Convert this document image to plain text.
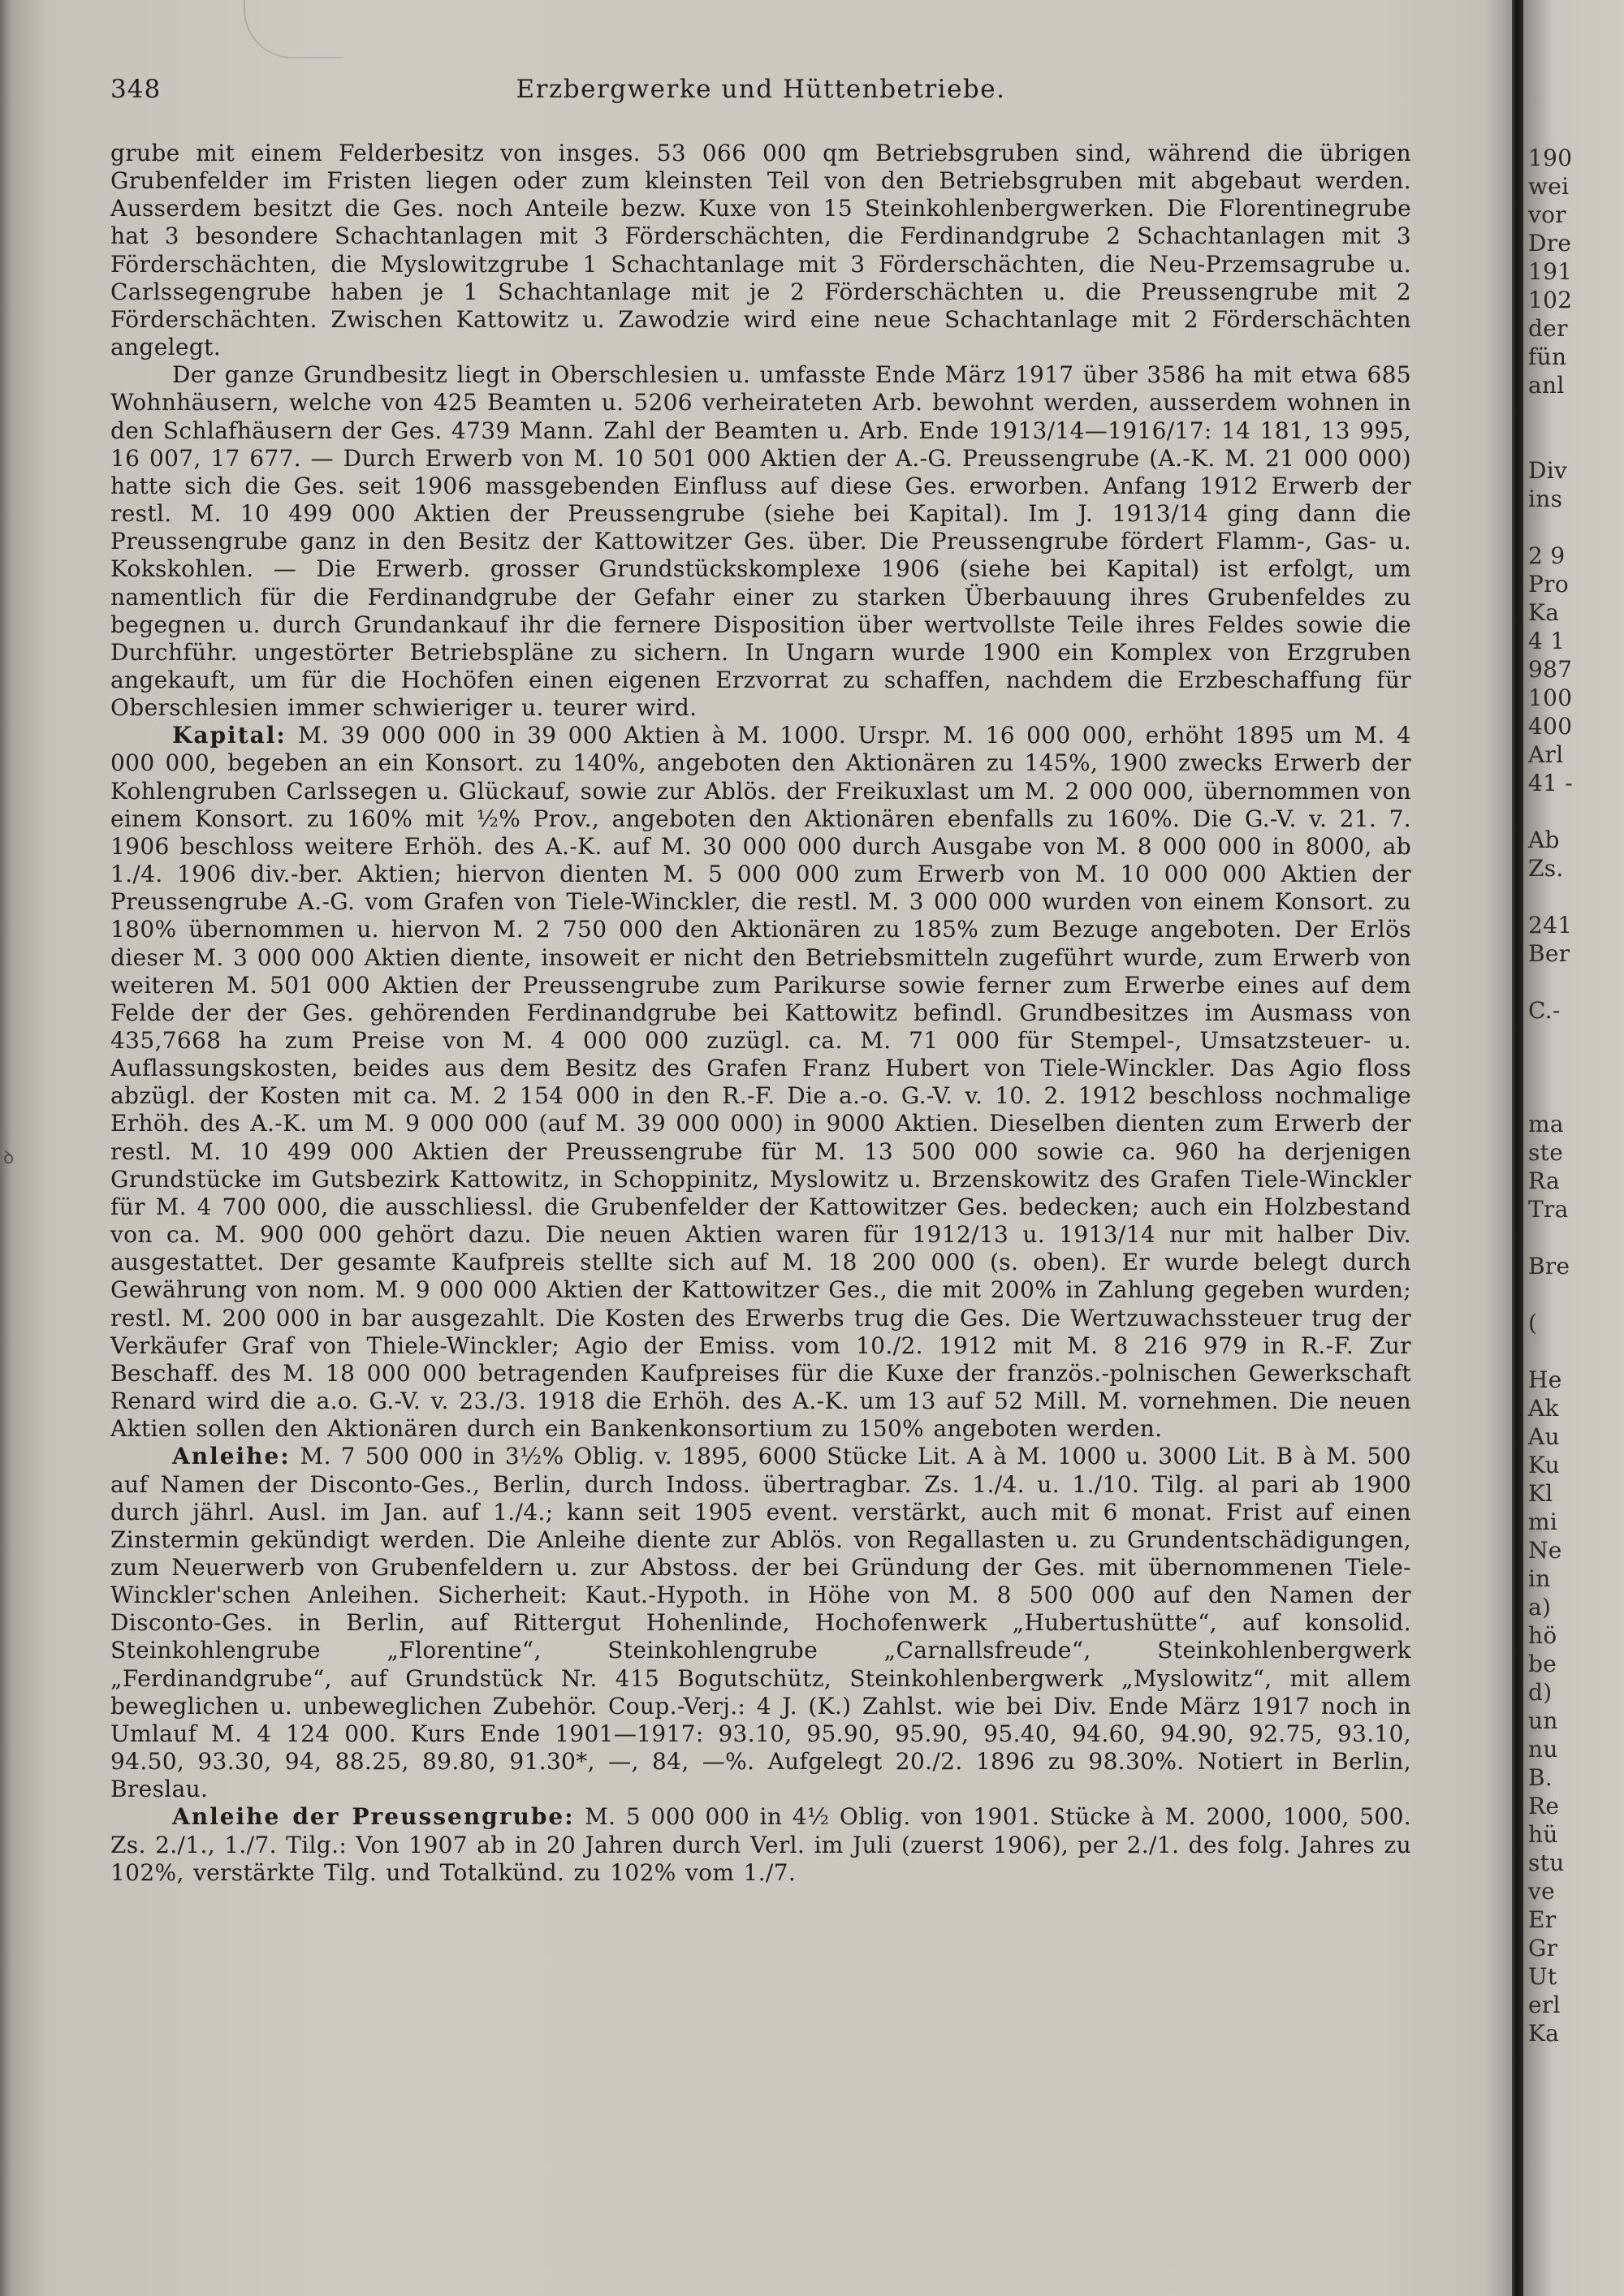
190
wei
vor
Dre
191
102
der
fün
anl
Div
ins
2 9
Pro
Ka
4 1
987
100
400
Arl
41 -
Ab
Zs.
241
Ber
C.-
ma
ste
Ra
Tra
Bre
(
He
Ak
Au
Ku
Kl
mi
Ne
in
a)
hö
be
d)
un
nu
B.
Re
hü
stu
ve
Er
Gr
Ut
erl
Ka
ꝺ
348	Erzbergwerke und Hüttenbetriebe.

grube mit einem Felderbesitz von insges. 53 066 000 qm Betriebsgruben sind, während die übrigen Grubenfelder im Fristen liegen oder zum kleinsten Teil von den Betriebsgruben mit abgebaut werden. Ausserdem besitzt die Ges. noch Anteile bezw. Kuxe von 15 Steinkohlenbergwerken. Die Florentinegrube hat 3 besondere Schachtanlagen mit 3 Förderschächten, die Ferdinandgrube 2 Schachtanlagen mit 3 Förderschächten, die Myslowitzgrube 1 Schachtanlage mit 3 Förderschächten, die Neu-Przemsagrube u. Carlssegengrube haben je 1 Schachtanlage mit je 2 Förderschächten u. die Preussengrube mit 2 Förderschächten. Zwischen Kattowitz u. Zawodzie wird eine neue Schachtanlage mit 2 Förderschächten angelegt.

Der ganze Grundbesitz liegt in Oberschlesien u. umfasste Ende März 1917 über 3586 ha mit etwa 685 Wohnhäusern, welche von 425 Beamten u. 5206 verheirateten Arb. bewohnt werden, ausserdem wohnen in den Schlafhäusern der Ges. 4739 Mann. Zahl der Beamten u. Arb. Ende 1913/14—1916/17: 14 181, 13 995, 16 007, 17 677. — Durch Erwerb von M. 10 501 000 Aktien der A.-G. Preussengrube (A.-K. M. 21 000 000) hatte sich die Ges. seit 1906 massgebenden Einfluss auf diese Ges. erworben. Anfang 1912 Erwerb der restl. M. 10 499 000 Aktien der Preussengrube (siehe bei Kapital). Im J. 1913/14 ging dann die Preussengrube ganz in den Besitz der Kattowitzer Ges. über. Die Preussengrube fördert Flamm-, Gas- u. Kokskohlen. — Die Erwerb. grosser Grundstückskomplexe 1906 (siehe bei Kapital) ist erfolgt, um namentlich für die Ferdinandgrube der Gefahr einer zu starken Überbauung ihres Grubenfeldes zu begegnen u. durch Grundankauf ihr die fernere Disposition über wertvollste Teile ihres Feldes sowie die Durchführ. ungestörter Betriebspläne zu sichern. In Ungarn wurde 1900 ein Komplex von Erzgruben angekauft, um für die Hochöfen einen eigenen Erzvorrat zu schaffen, nachdem die Erzbeschaffung für Oberschlesien immer schwieriger u. teurer wird.

Kapital: M. 39 000 000 in 39 000 Aktien à M. 1000. Urspr. M. 16 000 000, erhöht 1895 um M. 4 000 000, begeben an ein Konsort. zu 140%, angeboten den Aktionären zu 145%, 1900 zwecks Erwerb der Kohlengruben Carlssegen u. Glückauf, sowie zur Ablös. der Freikuxlast um M. 2 000 000, übernommen von einem Konsort. zu 160% mit ½% Prov., angeboten den Aktionären ebenfalls zu 160%. Die G.-V. v. 21. 7. 1906 beschloss weitere Erhöh. des A.-K. auf M. 30 000 000 durch Ausgabe von M. 8 000 000 in 8000, ab 1./4. 1906 div.-ber. Aktien; hiervon dienten M. 5 000 000 zum Erwerb von M. 10 000 000 Aktien der Preussengrube A.-G. vom Grafen von Tiele-Winckler, die restl. M. 3 000 000 wurden von einem Konsort. zu 180% übernommen u. hiervon M. 2 750 000 den Aktionären zu 185% zum Bezuge angeboten. Der Erlös dieser M. 3 000 000 Aktien diente, insoweit er nicht den Betriebsmitteln zugeführt wurde, zum Erwerb von weiteren M. 501 000 Aktien der Preussengrube zum Parikurse sowie ferner zum Erwerbe eines auf dem Felde der der Ges. gehörenden Ferdinandgrube bei Kattowitz befindl. Grundbesitzes im Ausmass von 435,7668 ha zum Preise von M. 4 000 000 zuzügl. ca. M. 71 000 für Stempel-, Umsatzsteuer- u. Auflassungskosten, beides aus dem Besitz des Grafen Franz Hubert von Tiele-Winckler. Das Agio floss abzügl. der Kosten mit ca. M. 2 154 000 in den R.-F. Die a.-o. G.-V. v. 10. 2. 1912 beschloss nochmalige Erhöh. des A.-K. um M. 9 000 000 (auf M. 39 000 000) in 9000 Aktien. Dieselben dienten zum Erwerb der restl. M. 10 499 000 Aktien der Preussengrube für M. 13 500 000 sowie ca. 960 ha derjenigen Grundstücke im Gutsbezirk Kattowitz, in Schoppinitz, Myslowitz u. Brzenskowitz des Grafen Tiele-Winckler für M. 4 700 000, die ausschliessl. die Grubenfelder der Kattowitzer Ges. bedecken; auch ein Holzbestand von ca. M. 900 000 gehört dazu. Die neuen Aktien waren für 1912/13 u. 1913/14 nur mit halber Div. ausgestattet. Der gesamte Kaufpreis stellte sich auf M. 18 200 000 (s. oben). Er wurde belegt durch Gewährung von nom. M. 9 000 000 Aktien der Kattowitzer Ges., die mit 200% in Zahlung gegeben wurden; restl. M. 200 000 in bar ausgezahlt. Die Kosten des Erwerbs trug die Ges. Die Wertzuwachssteuer trug der Verkäufer Graf von Thiele-Winckler; Agio der Emiss. vom 10./2. 1912 mit M. 8 216 979 in R.-F. Zur Beschaff. des M. 18 000 000 betragenden Kaufpreises für die Kuxe der französ.-polnischen Gewerkschaft Renard wird die a.o. G.-V. v. 23./3. 1918 die Erhöh. des A.-K. um 13 auf 52 Mill. M. vornehmen. Die neuen Aktien sollen den Aktionären durch ein Bankenkonsortium zu 150% angeboten werden.

Anleihe: M. 7 500 000 in 3½% Oblig. v. 1895, 6000 Stücke Lit. A à M. 1000 u. 3000 Lit. B à M. 500 auf Namen der Disconto-Ges., Berlin, durch Indoss. übertragbar. Zs. 1./4. u. 1./10. Tilg. al pari ab 1900 durch jährl. Ausl. im Jan. auf 1./4.; kann seit 1905 event. verstärkt, auch mit 6 monat. Frist auf einen Zinstermin gekündigt werden. Die Anleihe diente zur Ablös. von Regallasten u. zu Grundentschädigungen, zum Neuerwerb von Grubenfeldern u. zur Abstoss. der bei Gründung der Ges. mit übernommenen Tiele-Winckler'schen Anleihen. Sicherheit: Kaut.-Hypoth. in Höhe von M. 8 500 000 auf den Namen der Disconto-Ges. in Berlin, auf Rittergut Hohenlinde, Hochofenwerk „Hubertushütte“, auf konsolid. Steinkohlengrube „Florentine“, Steinkohlengrube „Carnallsfreude“, Steinkohlenbergwerk „Ferdinandgrube“, auf Grundstück Nr. 415 Bogutschütz, Steinkohlenbergwerk „Myslowitz“, mit allem beweglichen u. unbeweglichen Zubehör. Coup.-Verj.: 4 J. (K.) Zahlst. wie bei Div. Ende März 1917 noch in Umlauf M. 4 124 000. Kurs Ende 1901—1917: 93.10, 95.90, 95.90, 95.40, 94.60, 94.90, 92.75, 93.10, 94.50, 93.30, 94, 88.25, 89.80, 91.30*, —, 84, —%. Aufgelegt 20./2. 1896 zu 98.30%. Notiert in Berlin, Breslau.

Anleihe der Preussengrube: M. 5 000 000 in 4½ Oblig. von 1901. Stücke à M. 2000, 1000, 500. Zs. 2./1., 1./7. Tilg.: Von 1907 ab in 20 Jahren durch Verl. im Juli (zuerst 1906), per 2./1. des folg. Jahres zu 102%, verstärkte Tilg. und Totalkünd. zu 102% vom 1./7.
